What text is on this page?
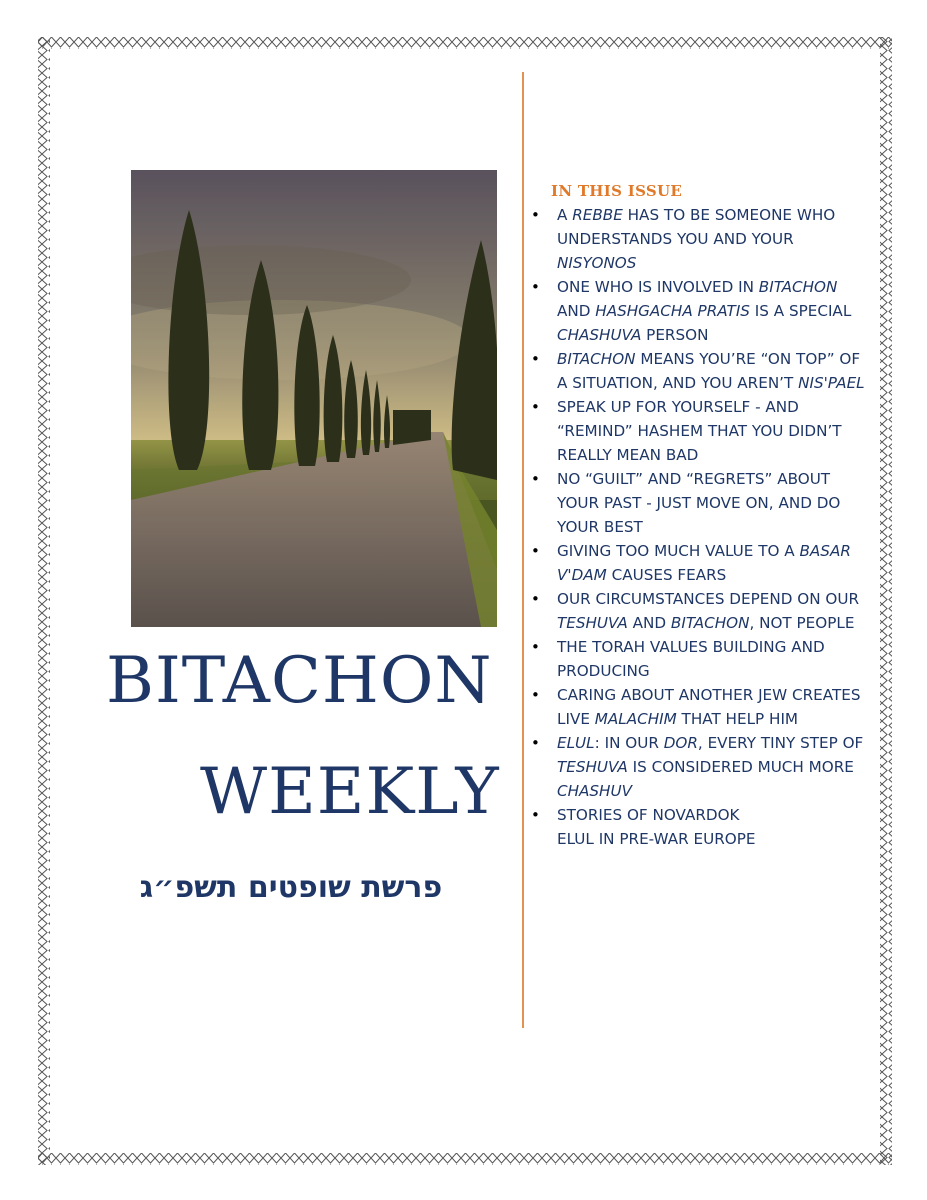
BITACHON
WEEKLY
פרשת שופטים תשפ״ג
IN THIS ISSUE
• A REBBE HAS TO BE SOMEONE WHO UNDERSTANDS YOU AND YOUR NISYONOS
• ONE WHO IS INVOLVED IN BITACHON AND HASHGACHA PRATIS IS A SPECIAL CHASHUVA PERSON
• BITACHON MEANS YOU’RE “ON TOP” OF A SITUATION, AND YOU AREN’T NIS'PAEL
• SPEAK UP FOR YOURSELF - AND “REMIND” HASHEM THAT YOU DIDN’T REALLY MEAN BAD
• NO “GUILT” AND “REGRETS” ABOUT YOUR PAST - JUST MOVE ON, AND DO YOUR BEST
• GIVING TOO MUCH VALUE TO A BASAR V'DAM CAUSES FEARS
• OUR CIRCUMSTANCES DEPEND ON OUR TESHUVA AND BITACHON, NOT PEOPLE
• THE TORAH VALUES BUILDING AND PRODUCING
• CARING ABOUT ANOTHER JEW CREATES LIVE MALACHIM THAT HELP HIM
• ELUL: IN OUR DOR, EVERY TINY STEP OF TESHUVA IS CONSIDERED MUCH MORE CHASHUV
• STORIES OF NOVARDOK
ELUL IN PRE-WAR EUROPE
